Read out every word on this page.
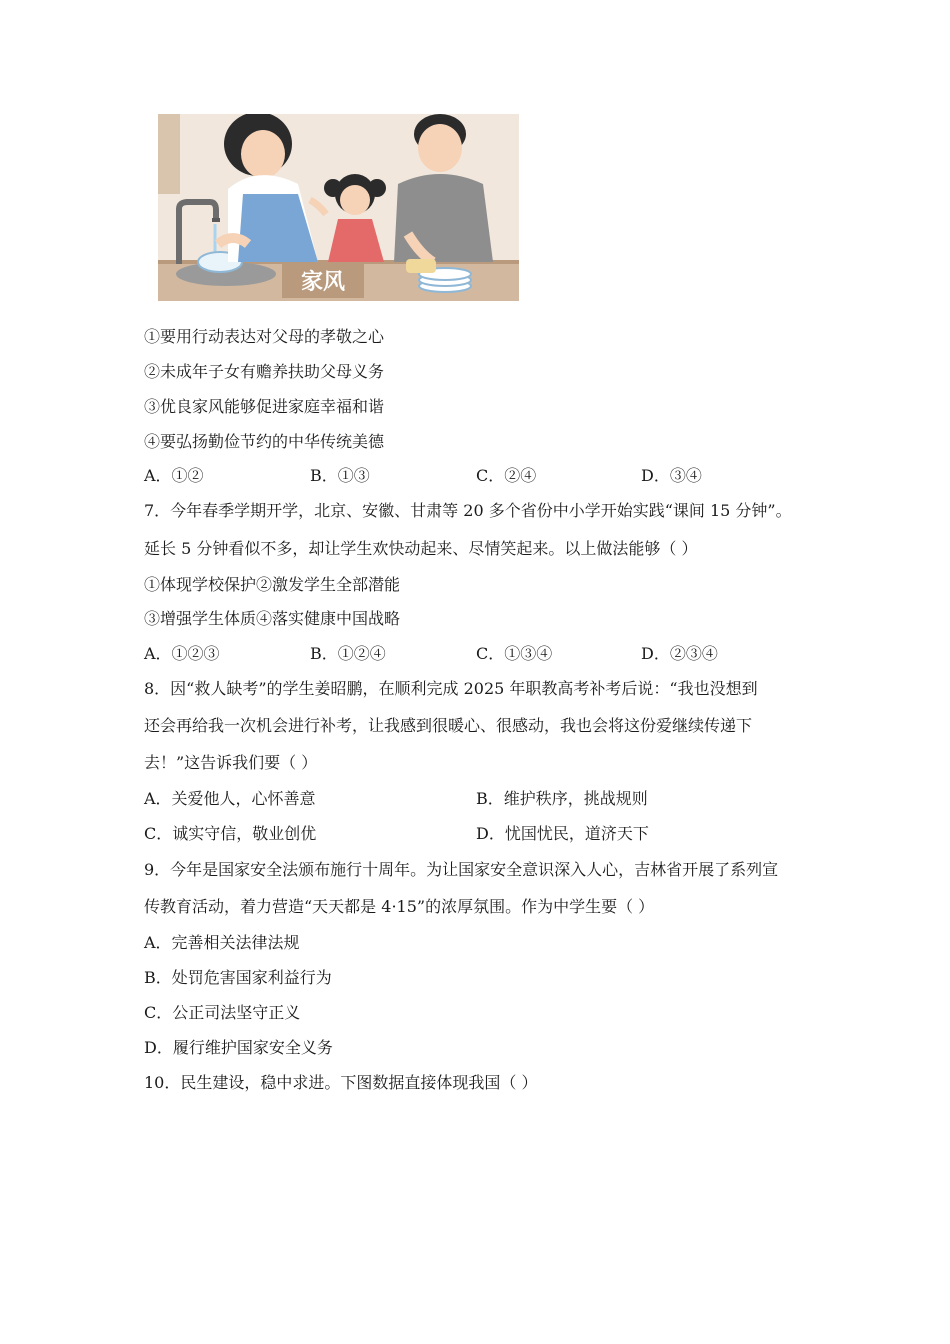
家风
①要用行动表达对父母的孝敬之心
②未成年子女有赡养扶助父母义务
③优良家风能够促进家庭幸福和谐
④要弘扬勤俭节约的中华传统美德
A．①②	B．①③	C．②④	D．③④
7．今年春季学期开学，北京、安徽、甘肃等 20 多个省份中小学开始实践“课间 15 分钟”。
延长 5 分钟看似不多，却让学生欢快动起来、尽情笑起来。以上做法能够（ ）
①体现学校保护②激发学生全部潜能
③增强学生体质④落实健康中国战略
A．①②③	B．①②④	C．①③④	D．②③④
8．因“救人缺考”的学生姜昭鹏，在顺利完成 2025 年职教高考补考后说：“我也没想到
还会再给我一次机会进行补考，让我感到很暖心、很感动，我也会将这份爱继续传递下
去！”这告诉我们要（ ）
A．关爱他人，心怀善意	B．维护秩序，挑战规则
C．诚实守信，敬业创优	D．忧国忧民，道济天下
9．今年是国家安全法颁布施行十周年。为让国家安全意识深入人心，吉林省开展了系列宣
传教育活动，着力营造“天天都是 4·15”的浓厚氛围。作为中学生要（ ）
A．完善相关法律法规
B．处罚危害国家利益行为
C．公正司法坚守正义
D．履行维护国家安全义务
10．民生建设，稳中求进。下图数据直接体现我国（ ）
